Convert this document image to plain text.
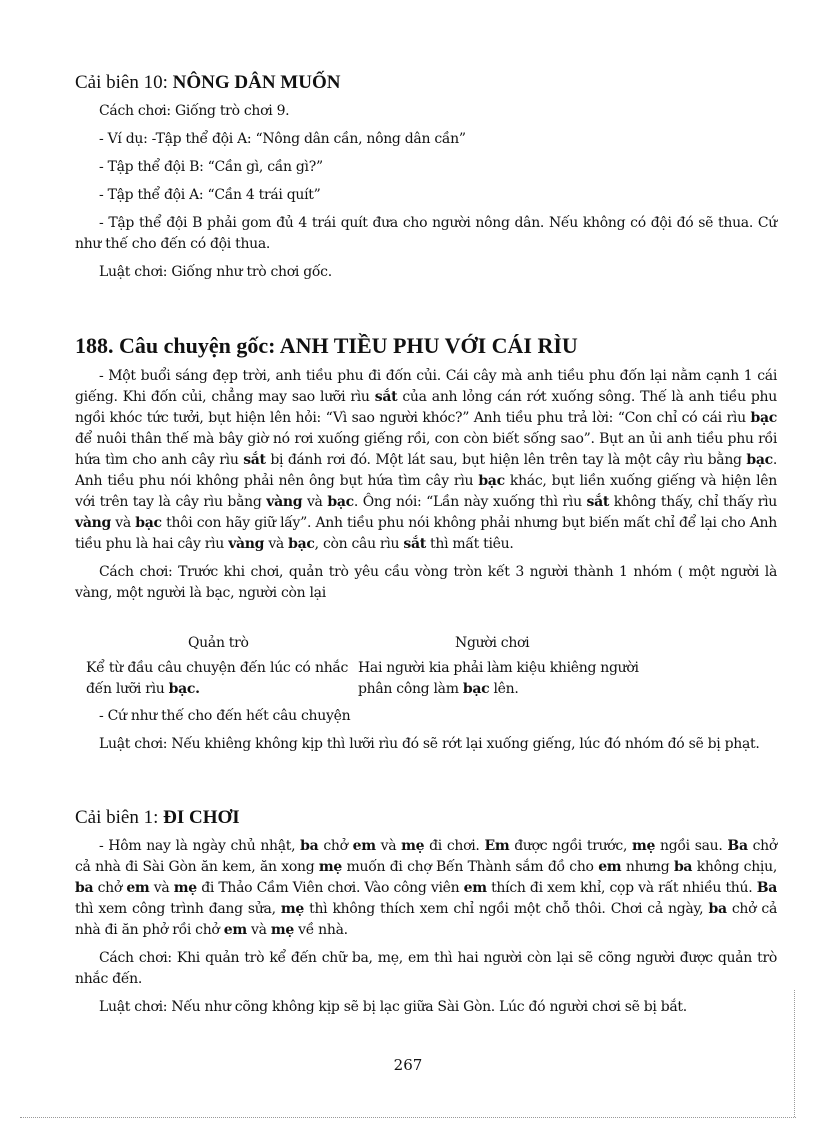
Cải biên 10: NÔNG DÂN MUỐN

Cách chơi: Giống trò chơi 9.

- Ví dụ: -Tập thể đội A: “Nông dân cần, nông dân cần”

- Tập thể đội B: “Cần gì, cần gì?”

- Tập thể đội A: “Cần 4 trái quít”

- Tập thể đội B phải gom đủ 4 trái quít đưa cho người nông dân. Nếu không có đội đó sẽ thua. Cứ như thế cho đến có đội thua.

Luật chơi: Giống như trò chơi gốc.

188. Câu chuyện gốc: ANH TIỀU PHU VỚI CÁI RÌU

- Một buổi sáng đẹp trời, anh tiều phu đi đốn củi. Cái cây mà anh tiều phu đốn lại nằm cạnh 1 cái giếng. Khi đốn củi, chẳng may sao lưỡi rìu sắt của anh lỏng cán rớt xuống sông. Thế là anh tiều phu ngồi khóc tức tưởi, bụt hiện lên hỏi: “Vì sao người khóc?” Anh tiều phu trả lời: “Con chỉ có cái rìu bạc để nuôi thân thế mà bây giờ nó rơi xuống giếng rồi, con còn biết sống sao”. Bụt an ủi anh tiều phu rồi hứa tìm cho anh cây rìu sắt bị đánh rơi đó. Một lát sau, bụt hiện lên trên tay là một cây rìu bằng bạc. Anh tiều phu nói không phải nên ông bụt hứa tìm cây rìu bạc khác, bụt liền xuống giếng và hiện lên với trên tay là cây rìu bằng vàng và bạc. Ông nói: “Lần này xuống thì rìu sắt không thấy, chỉ thấy rìu vàng và bạc thôi con hãy giữ lấy”. Anh tiều phu nói không phải nhưng bụt biến mất chỉ để lại cho Anh tiều phu là hai cây rìu vàng và bạc, còn câu rìu sắt thì mất tiêu.

Cách chơi: Trước khi chơi, quản trò yêu cầu vòng tròn kết 3 người thành 1 nhóm ( một người là vàng, một người là bạc, người còn lại

Quản trò	Người chơi
Kể từ đầu câu chuyện đến lúc có nhắc đến lưỡi rìu bạc.
Hai người kia phải làm kiệu khiêng người phân công làm bạc lên.

- Cứ như thế cho đến hết câu chuyện

Luật chơi: Nếu khiêng không kịp thì lưỡi rìu đó sẽ rớt lại xuống giếng, lúc đó nhóm đó sẽ bị phạt.

Cải biên 1: ĐI CHƠI

- Hôm nay là ngày chủ nhật, ba chở em và mẹ đi chơi. Em được ngồi trước, mẹ ngồi sau. Ba chở cả nhà đi Sài Gòn ăn kem, ăn xong mẹ muốn đi chợ Bến Thành sắm đồ cho em nhưng ba không chịu, ba chở em và mẹ đi Thảo Cầm Viên chơi. Vào công viên em thích đi xem khỉ, cọp và rất nhiều thú. Ba thì xem công trình đang sửa, mẹ thì không thích xem chỉ ngồi một chỗ thôi. Chơi cả ngày, ba chở cả nhà đi ăn phở rồi chở em và mẹ về nhà.

Cách chơi: Khi quản trò kể đến chữ ba, mẹ, em thì hai người còn lại sẽ cõng người được quản trò nhắc đến.

Luật chơi: Nếu như cõng không kịp sẽ bị lạc giữa Sài Gòn. Lúc đó người chơi sẽ bị bắt.

267
